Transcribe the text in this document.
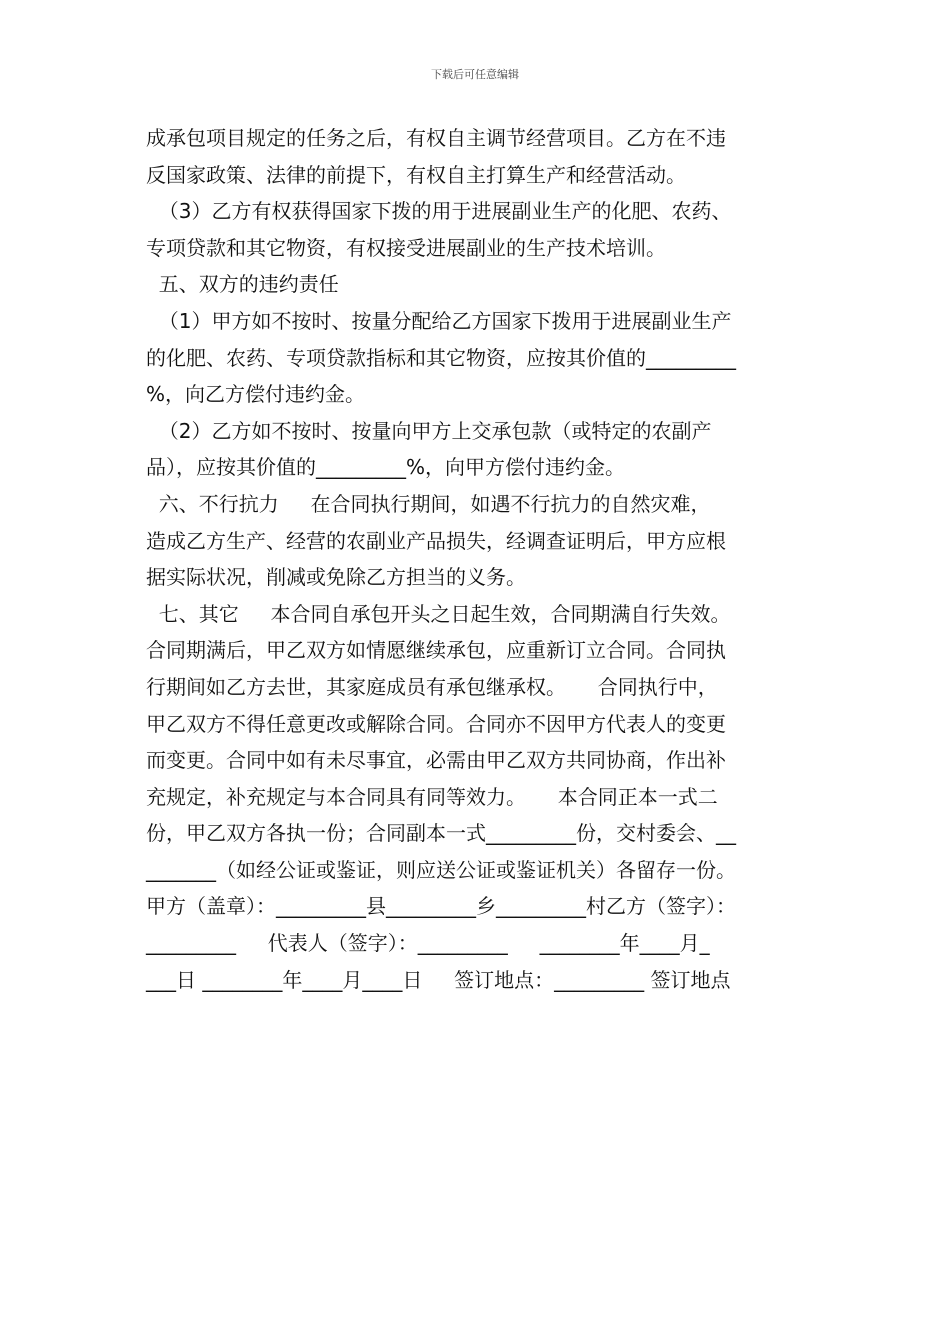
下载后可任意编辑
成承包项目规定的任务之后，有权自主调节经营项目。乙方在不违
反国家政策、法律的前提下，有权自主打算生产和经营活动。
（3）乙方有权获得国家下拨的用于进展副业生产的化肥、农药、
专项贷款和其它物资，有权接受进展副业的生产技术培训。
五、双方的违约责任
（1）甲方如不按时、按量分配给乙方国家下拨用于进展副业生产
的化肥、农药、专项贷款指标和其它物资，应按其价值的_________
%，向乙方偿付违约金。
（2）乙方如不按时、按量向甲方上交承包款（或特定的农副产
品），应按其价值的_________%，向甲方偿付违约金。
六、不行抗力     在合同执行期间，如遇不行抗力的自然灾难，
造成乙方生产、经营的农副业产品损失，经调查证明后，甲方应根
据实际状况，削减或免除乙方担当的义务。
七、其它     本合同自承包开头之日起生效，合同期满自行失效。
合同期满后，甲乙双方如情愿继续承包，应重新订立合同。合同执
行期间如乙方去世，其家庭成员有承包继承权。     合同执行中，
甲乙双方不得任意更改或解除合同。合同亦不因甲方代表人的变更
而变更。合同中如有未尽事宜，必需由甲乙双方共同协商，作出补
充规定，补充规定与本合同具有同等效力。     本合同正本一式二
份，甲乙双方各执一份；合同副本一式_________份，交村委会、__
_______（如经公证或鉴证，则应送公证或鉴证机关）各留存一份。
甲方（盖章）：_________县_________乡_________村乙方（签字）：
_________     代表人（签字）：_________     ________年____月_
___日 ________年____月____日     签订地点：_________ 签订地点
